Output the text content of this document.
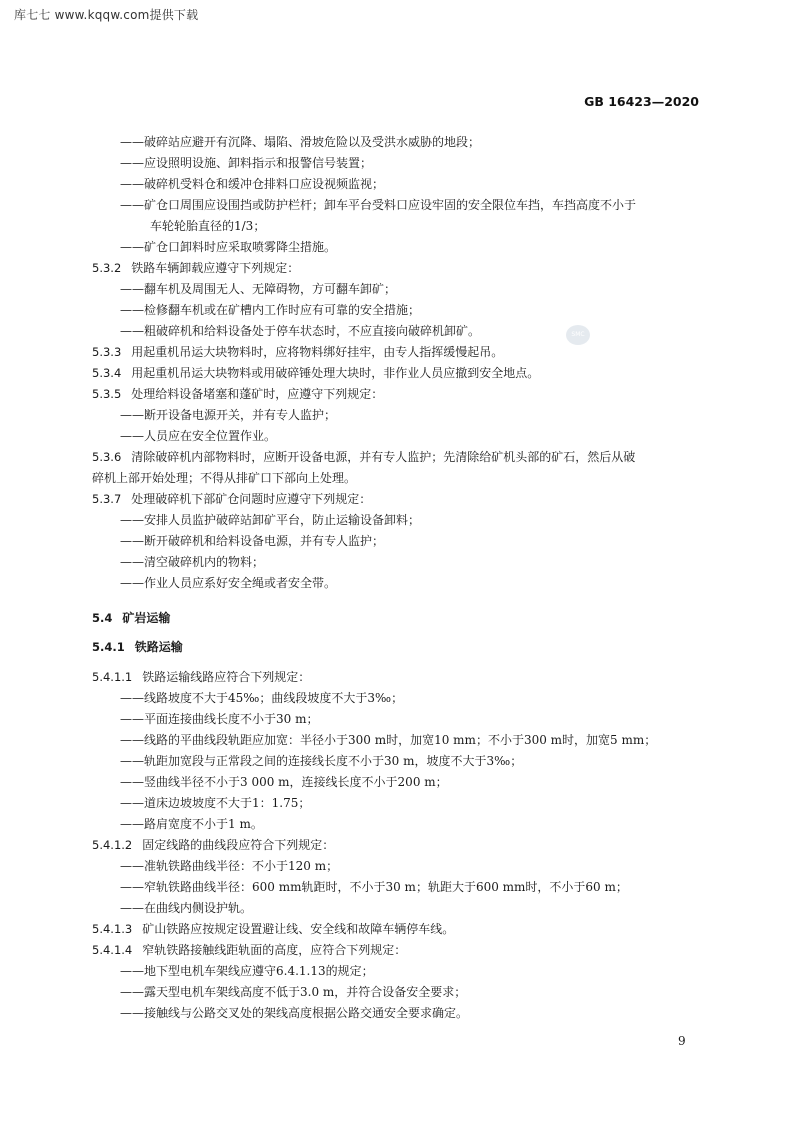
库七七 www.kqqw.com提供下载
GB 16423—2020
SMC
——破碎站应避开有沉降、塌陷、滑坡危险以及受洪水威胁的地段；
——应设照明设施、卸料指示和报警信号装置；
——破碎机受料仓和缓冲仓排料口应设视频监视；
——矿仓口周围应设围挡或防护栏杆；卸车平台受料口应设牢固的安全限位车挡，车挡高度不小于
车轮轮胎直径的1/3；
——矿仓口卸料时应采取喷雾降尘措施。
5.3.2 铁路车辆卸载应遵守下列规定：
——翻车机及周围无人、无障碍物，方可翻车卸矿；
——检修翻车机或在矿槽内工作时应有可靠的安全措施；
——粗破碎机和给料设备处于停车状态时，不应直接向破碎机卸矿。
5.3.3 用起重机吊运大块物料时，应将物料绑好挂牢，由专人指挥缓慢起吊。
5.3.4 用起重机吊运大块物料或用破碎锤处理大块时，非作业人员应撤到安全地点。
5.3.5 处理给料设备堵塞和蓬矿时，应遵守下列规定：
——断开设备电源开关，并有专人监护；
——人员应在安全位置作业。
5.3.6 清除破碎机内部物料时，应断开设备电源，并有专人监护；先清除给矿机头部的矿石，然后从破
碎机上部开始处理；不得从排矿口下部向上处理。
5.3.7 处理破碎机下部矿仓问题时应遵守下列规定：
——安排人员监护破碎站卸矿平台，防止运输设备卸料；
——断开破碎机和给料设备电源，并有专人监护；
——清空破碎机内的物料；
——作业人员应系好安全绳或者安全带。
5.4 矿岩运输
5.4.1 铁路运输
5.4.1.1 铁路运输线路应符合下列规定：
——线路坡度不大于45‰；曲线段坡度不大于3‰；
——平面连接曲线长度不小于30 m；
——线路的平曲线段轨距应加宽：半径小于300 m时，加宽10 mm；不小于300 m时，加宽5 mm；
——轨距加宽段与正常段之间的连接线长度不小于30 m，坡度不大于3‰；
——竖曲线半径不小于3 000 m，连接线长度不小于200 m；
——道床边坡坡度不大于1：1.75；
——路肩宽度不小于1 m。
5.4.1.2 固定线路的曲线段应符合下列规定：
——准轨铁路曲线半径：不小于120 m；
——窄轨铁路曲线半径：600 mm轨距时，不小于30 m；轨距大于600 mm时，不小于60 m；
——在曲线内侧设护轨。
5.4.1.3 矿山铁路应按规定设置避让线、安全线和故障车辆停车线。
5.4.1.4 窄轨铁路接触线距轨面的高度，应符合下列规定：
——地下型电机车架线应遵守6.4.1.13的规定；
——露天型电机车架线高度不低于3.0 m，并符合设备安全要求；
——接触线与公路交叉处的架线高度根据公路交通安全要求确定。
9
